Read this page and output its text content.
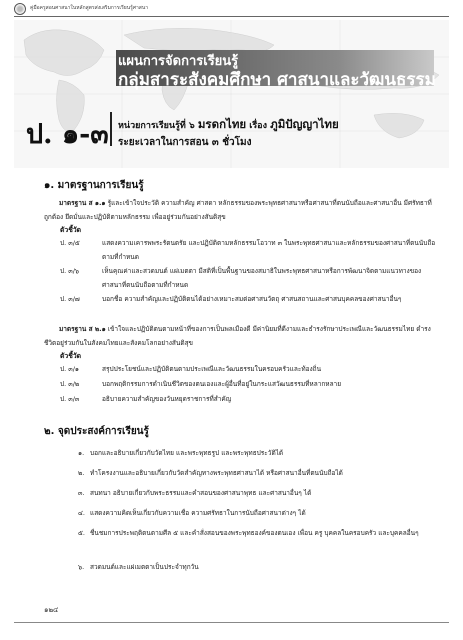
คู่มือครูสอนศาสนาในหลักสูตรส่งเสริมการเรียนรู้ศาสนา
แผนการจัดการเรียนรู้
กลุ่มสาระสังคมศึกษา ศาสนาและวัฒนธรรม
ป. ๑-๓ หน่วยการเรียนรู้ที่ ๖ มรดกไทย เรื่อง ภูมิปัญญาไทย
ระยะเวลาในการสอน ๓ ชั่วโมง
๑. มาตรฐานการเรียนรู้
มาตรฐาน ส ๑.๑ รู้และเข้าใจประวัติ ความสำคัญ ศาสดา หลักธรรมของพระพุทธศาสนาหรือศาสนาที่ตนนับถือและศาสนาอื่น มีศรัทธาที่ถูกต้อง ยึดมั่นและปฏิบัติตามหลักธรรม เพื่ออยู่ร่วมกันอย่างสันติสุข
ตัวชี้วัด
ป. ๓/๕	แสดงความเคารพพระรัตนตรัย และปฏิบัติตามหลักธรรมโอวาท ๓ ในพระพุทธศาสนาและหลักธรรมของศาสนาที่ตนนับถือตามที่กำหนด
ป. ๓/๖	เห็นคุณค่าและสวดมนต์ แผ่เมตตา มีสติที่เป็นพื้นฐานของสมาธิในพระพุทธศาสนาหรือการพัฒนาจิตตามแนวทางของศาสนาที่ตนนับถือตามที่กำหนด
ป. ๓/๗	บอกชื่อ ความสำคัญและปฏิบัติตนได้อย่างเหมาะสมต่อศาสนวัตถุ ศาสนสถานและศาสนบุคคลของศาสนาอื่นๆ
มาตรฐาน ส ๒.๑ เข้าใจและปฏิบัติตนตามหน้าที่ของการเป็นพลเมืองดี มีค่านิยมที่ดีงามและธำรงรักษาประเพณีและวัฒนธรรมไทย ดำรงชีวิตอยู่ร่วมกันในสังคมไทยและสังคมโลกอย่างสันติสุข
ตัวชี้วัด
ป. ๓/๑	สรุปประโยชน์และปฏิบัติตนตามประเพณีและวัฒนธรรมในครอบครัวและท้องถิ่น
ป. ๓/๒	บอกพฤติกรรมการดำเนินชีวิตของตนเองและผู้อื่นที่อยู่ในกระแสวัฒนธรรมที่หลากหลาย
ป. ๓/๓	อธิบายความสำคัญของวันหยุดราชการที่สำคัญ
๒. จุดประสงค์การเรียนรู้
๑. บอกและอธิบายเกี่ยวกับวัดไทย และพระพุทธรูป และพระพุทธประวัติได้
๒. ทำโครงงานและอธิบายเกี่ยวกับวัดสำคัญทางพระพุทธศาสนาได้ หรือศาสนาอื่นที่ตนนับถือได้
๓. สนทนา อธิบายเกี่ยวกับพระธรรมและคำสอนของศาสนาพุทธ และศาสนาอื่นๆ ได้
๔. แสดงความคิดเห็นเกี่ยวกับความเชื่อ ความศรัทธาในการนับถือศาสนาต่างๆ ได้
๕. ชื่นชมการประพฤติตนตามศีล ๕ และคำสั่งสอนของพระพุทธองค์ของตนเอง เพื่อน ครู บุคคลในครอบครัว และบุคคลอื่นๆ
๖. สวดมนต์และแผ่เมตตาเป็นประจำทุกวัน
๑๒๔
